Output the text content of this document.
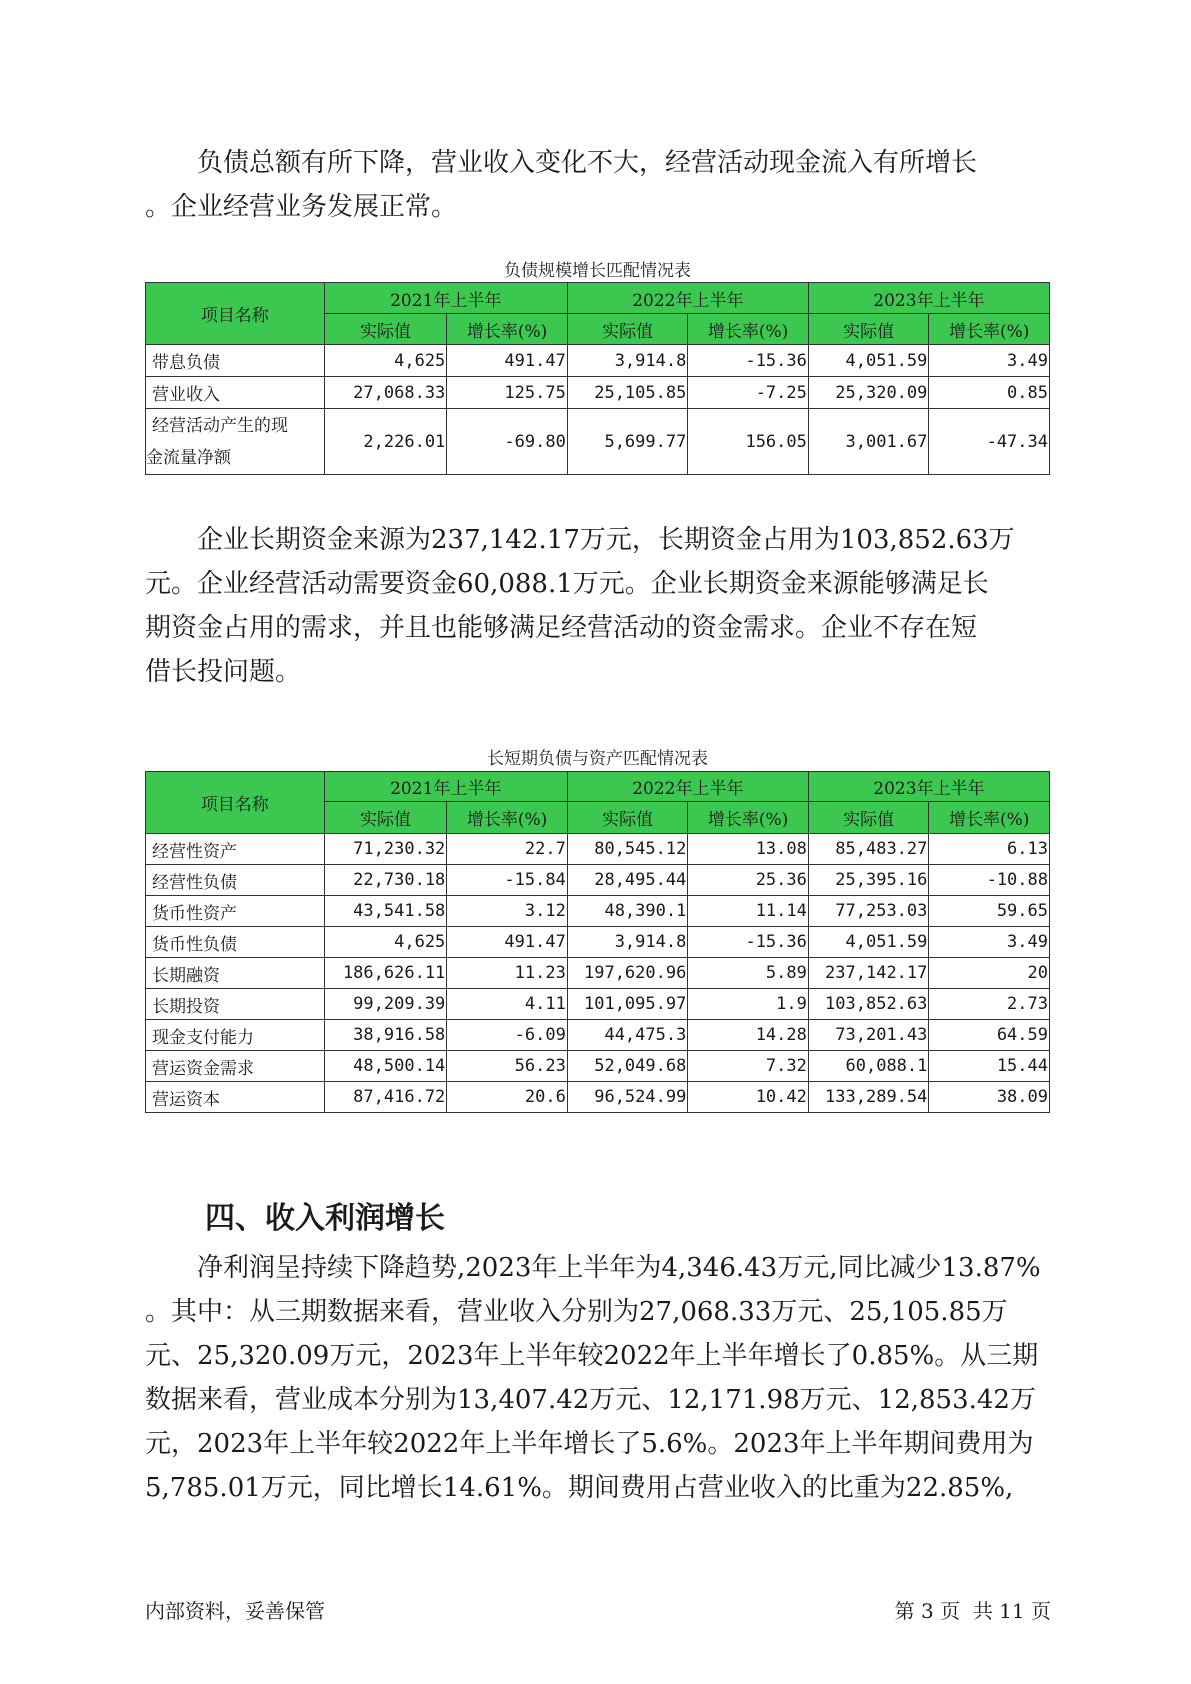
负债总额有所下降，营业收入变化不大，经营活动现金流入有所增长
。企业经营业务发展正常。
负债规模增长匹配情况表
项目名称	2021年上半年		2022年上半年		2023年上半年	
	实际值	增长率(%)	实际值	增长率(%)	实际值	增长率(%)
带息负债	4,625	491.47	3,914.8	-15.36	4,051.59	3.49
营业收入	27,068.33	125.75	25,105.85	-7.25	25,320.09	0.85

经营活动产生的现
金流量净额	2,226.01	-69.80	5,699.77	156.05	3,001.67	-47.34
企业长期资金来源为237,142.17万元，长期资金占用为103,852.63万
元。企业经营活动需要资金60,088.1万元。企业长期资金来源能够满足长
期资金占用的需求，并且也能够满足经营活动的资金需求。企业不存在短
借长投问题。
长短期负债与资产匹配情况表
项目名称	2021年上半年		2022年上半年		2023年上半年	
	实际值	增长率(%)	实际值	增长率(%)	实际值	增长率(%)
经营性资产	71,230.32	22.7	80,545.12	13.08	85,483.27	6.13
经营性负债	22,730.18	-15.84	28,495.44	25.36	25,395.16	-10.88
货币性资产	43,541.58	3.12	48,390.1	11.14	77,253.03	59.65
货币性负债	4,625	491.47	3,914.8	-15.36	4,051.59	3.49
长期融资	186,626.11	11.23	197,620.96	5.89	237,142.17	20
长期投资	99,209.39	4.11	101,095.97	1.9	103,852.63	2.73
现金支付能力	38,916.58	-6.09	44,475.3	14.28	73,201.43	64.59
营运资金需求	48,500.14	56.23	52,049.68	7.32	60,088.1	15.44
营运资本	87,416.72	20.6	96,524.99	10.42	133,289.54	38.09
四、收入利润增长
净利润呈持续下降趋势,2023年上半年为4,346.43万元,同比减少13.87%
。其中：从三期数据来看，营业收入分别为27,068.33万元、25,105.85万
元、25,320.09万元，2023年上半年较2022年上半年增长了0.85%。从三期
数据来看，营业成本分别为13,407.42万元、12,171.98万元、12,853.42万
元，2023年上半年较2022年上半年增长了5.6%。2023年上半年期间费用为
5,785.01万元，同比增长14.61%。期间费用占营业收入的比重为22.85%,
内部资料，妥善保管	第 3 页  共 11 页
